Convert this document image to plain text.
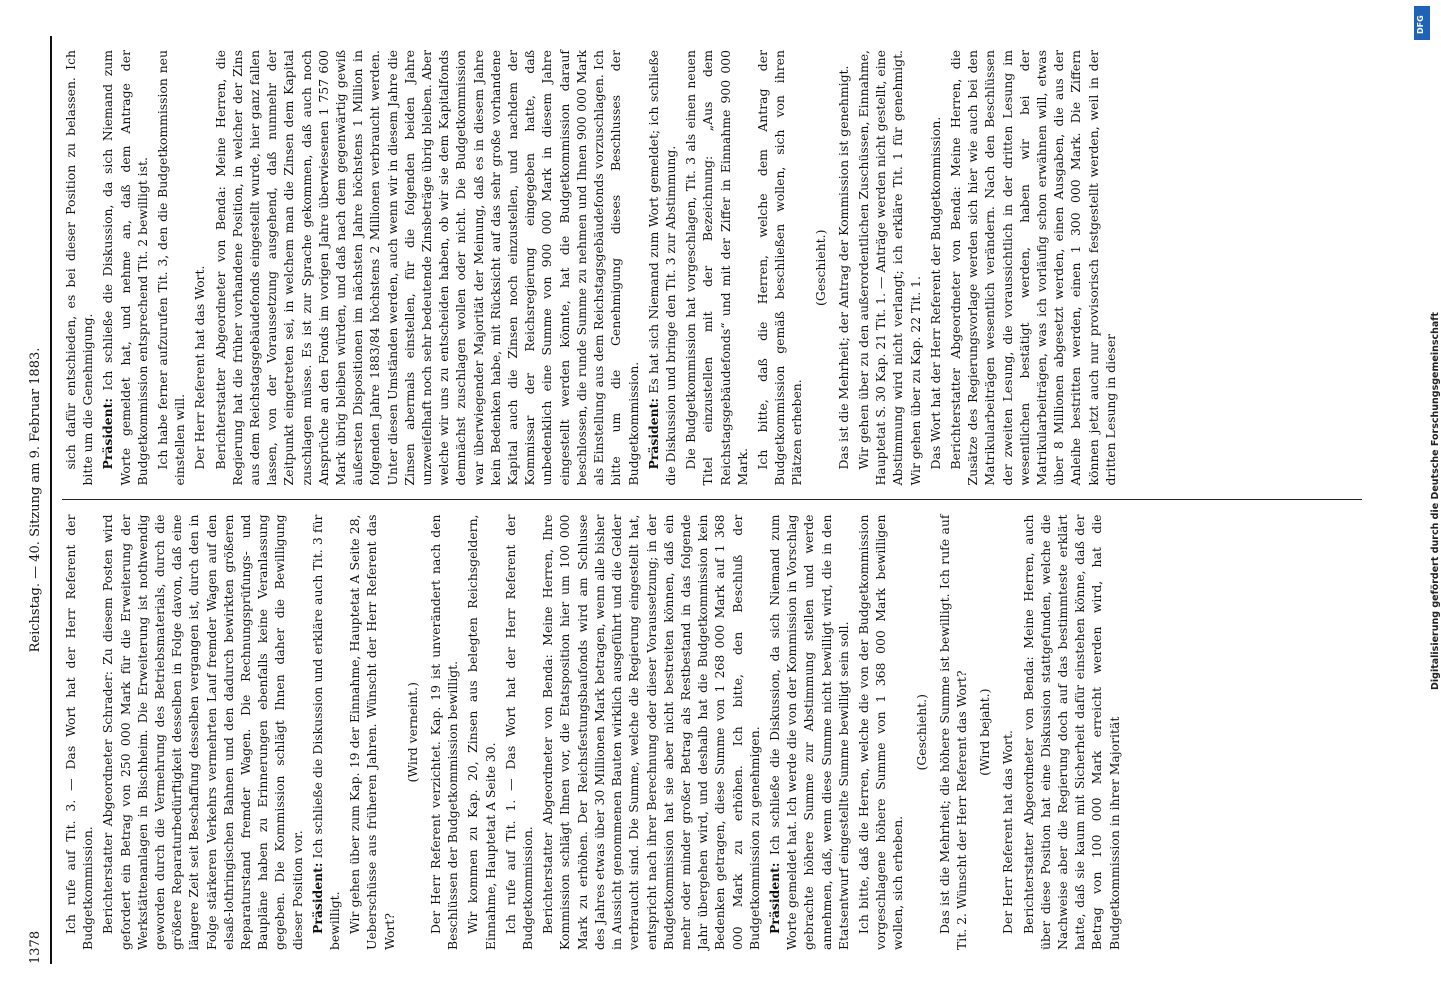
1378
Reichstag. — 40. Sitzung am 9. Februar 1883.

Ich rufe auf Tit. 3. — Das Wort hat der Herr Referent der Budgetkommission. Berichterstatter Abgeordneter Schrader: Zu diesem Posten wird gefordert ein Betrag von 250 000 Mark für die Erweiterung der Werkstättenanlagen in Bischheim. Die Erweiterung ist nothwendig geworden durch die Vermehrung des Betriebsmaterials, durch die größere Reparaturbedürftigkeit desselben in Folge davon, daß eine längere Zeit seit Beschaffung desselben vergangen ist, durch den in Folge stärkeren Verkehrs vermehrten Lauf fremder Wagen auf den elsaß-lothringischen Bahnen und den dadurch bewirkten größeren Reparaturstand fremder Wagen. Die Rechnungsprüfungs- und Baupläne haben zu Erinnerungen ebenfalls keine Veranlassung gegeben. Die Kommission schlägt Ihnen daher die Bewilligung dieser Position vor. Präsident: Ich schließe die Diskussion und erkläre auch Tit. 3 für bewilligt. Wir gehen über zum Kap. 19 der Einnahme, Hauptetat A Seite 28, Ueberschüsse aus früheren Jahren. Wünscht der Herr Referent das Wort?

(Wird verneint.) Der Herr Referent verzichtet. Kap. 19 ist unverändert nach den Beschlüssen der Budgetkommission bewilligt. Wir kommen zu Kap. 20, Zinsen aus belegten Reichsgeldern, Einnahme, Hauptetat A Seite 30. Ich rufe auf Tit. 1. — Das Wort hat der Herr Referent der Budgetkommission. Berichterstatter Abgeordneter von Benda: Meine Herren, Ihre Kommission schlägt Ihnen vor, die Etatsposition hier um 100 000 Mark zu erhöhen. Der Reichsfestungsbaufonds wird am Schlusse des Jahres etwas über 30 Millionen Mark betragen, wenn alle bisher in Aussicht genommenen Bauten wirklich ausgeführt und die Gelder verbraucht sind. Die Summe, welche die Regierung eingestellt hat, entspricht nach ihrer Berechnung oder dieser Voraussetzung; in der Budgetkommission hat sie aber nicht bestreiten können, daß ein mehr oder minder großer Betrag als Restbestand in das folgende Jahr übergehen wird, und deshalb hat die Budgetkommission kein Bedenken getragen, diese Summe von 1 268 000 Mark auf 1 368 000 Mark zu erhöhen. Ich bitte, den Beschluß der Budgetkommission zu genehmigen. Präsident: Ich schließe die Diskussion, da sich Niemand zum Worte gemeldet hat. Ich werde die von der Kommission in Vorschlag gebrachte höhere Summe zur Abstimmung stellen und werde annehmen, daß, wenn diese Summe nicht bewilligt wird, die in den Etatsentwurf eingestellte Summe bewilligt sein soll. Ich bitte, daß die Herren, welche die von der Budgetkommission vorgeschlagene höhere Summe von 1 368 000 Mark bewilligen wollen, sich erheben.

(Geschieht.) Das ist die Mehrheit; die höhere Summe ist bewilligt. Ich rufe auf Tit. 2. Wünscht der Herr Referent das Wort? (Wird bejaht.) Der Herr Referent hat das Wort. Berichterstatter Abgeordneter von Benda: Meine Herren, auch über diese Position hat eine Diskussion stattgefunden, welche die Nachweise aber die Regierung doch auf das bestimmteste erklärt hatte, daß sie kaum mit Sicherheit dafür einstehen könne, daß der Betrag von 100 000 Mark erreicht werden wird, hat die Budgetkommission in ihrer Majorität

sich dafür entschieden, es bei dieser Position zu belassen. Ich bitte um die Genehmigung. Präsident: Ich schließe die Diskussion, da sich Niemand zum Worte gemeldet hat, und nehme an, daß dem Antrage der Budgetkommission entsprechend Tit. 2 bewilligt ist. Ich habe ferner aufzurufen Tit. 3, den die Budgetkommission neu einstellen will. Der Herr Referent hat das Wort. Berichterstatter Abgeordneter von Benda: Meine Herren, die Regierung hat die früher vorhandene Position, in welcher der Zins aus dem Reichstagsgebäudefonds eingestellt wurde, hier ganz fallen lassen, von der Voraussetzung ausgehend, daß nunmehr der Zeitpunkt eingetreten sei, in welchem man die Zinsen dem Kapital zuschlagen müsse. Es ist zur Sprache gekommen, daß auch noch Ansprüche an den Fonds im vorigen Jahre überwiesenen 1 757 600 Mark übrig bleiben würden, und daß nach dem gegenwärtig gewiß äußersten Dispositionen im nächsten Jahre höchstens 1 Million in folgenden Jahre 1883/84 höchstens 2 Millionen verbraucht werden. Unter diesen Umständen werden, auch wenn wir in diesem Jahre die Zinsen abermals einstellen, für die folgenden beiden Jahre unzweifelhaft noch sehr bedeutende Zinsbeträge übrig bleiben. Aber welche wir uns zu entscheiden haben, ob wir sie dem Kapitalfonds demnächst zuschlagen wollen oder nicht. Die Budgetkommission war überwiegender Majorität der Meinung, daß es in diesem Jahre kein Bedenken habe, mit Rücksicht auf das sehr große vorhandene Kapital auch die Zinsen noch einzustellen, und nachdem der Kommissar der Reichsregierung eingegeben hatte, daß unbedenklich eine Summe von 900 000 Mark in diesem Jahre eingestellt werden könnte, hat die Budgetkommission darauf beschlossen, die runde Summe zu nehmen und Ihnen 900 000 Mark als Einstellung aus dem Reichstagsgebäudefonds vorzuschlagen. Ich bitte um die Genehmigung dieses Beschlusses der Budgetkommission. Präsident: Es hat sich Niemand zum Wort gemeldet; ich schließe die Diskussion und bringe den Tit. 3 zur Abstimmung. Die Budgetkommission hat vorgeschlagen, Tit. 3 als einen neuen Titel einzustellen mit der Bezeichnung: „Aus dem Reichstagsgebäudefonds“ und mit der Ziffer in Einnahme 900 000 Mark. Ich bitte, daß die Herren, welche dem Antrag der Budgetkommission gemäß beschließen wollen, sich von ihren Plätzen erheben.

(Geschieht.) Das ist die Mehrheit; der Antrag der Kommission ist genehmigt. Wir gehen über zu den außerordentlichen Zuschüssen, Einnahme, Hauptetat S. 30 Kap. 21 Tit. 1. — Anträge werden nicht gestellt, eine Abstimmung wird nicht verlangt; ich erkläre Tit. 1 für genehmigt. Wir gehen über zu Kap. 22 Tit. 1. Das Wort hat der Herr Referent der Budgetkommission. Berichterstatter Abgeordneter von Benda: Meine Herren, die Zusätze des Regierungsvorlage werden sich hier wie auch bei den Matrikularbeiträgen wesentlich verändern. Nach den Beschlüssen der zweiten Lesung, die voraussichtlich in der dritten Lesung im wesentlichen bestätigt werden, haben wir bei der Matrikularbeiträgen, was ich vorläufig schon erwähnen will, etwas über 8 Millionen abgesetzt werden, einen Ausgaben, die aus der Anleihe bestritten werden, einen 1 300 000 Mark. Die Ziffern können jetzt auch nur provisorisch festgestellt werden, weil in der dritten Lesung in dieser

DFG
Digitalisierung gefördert durch die Deutsche Forschungsgemeinschaft
